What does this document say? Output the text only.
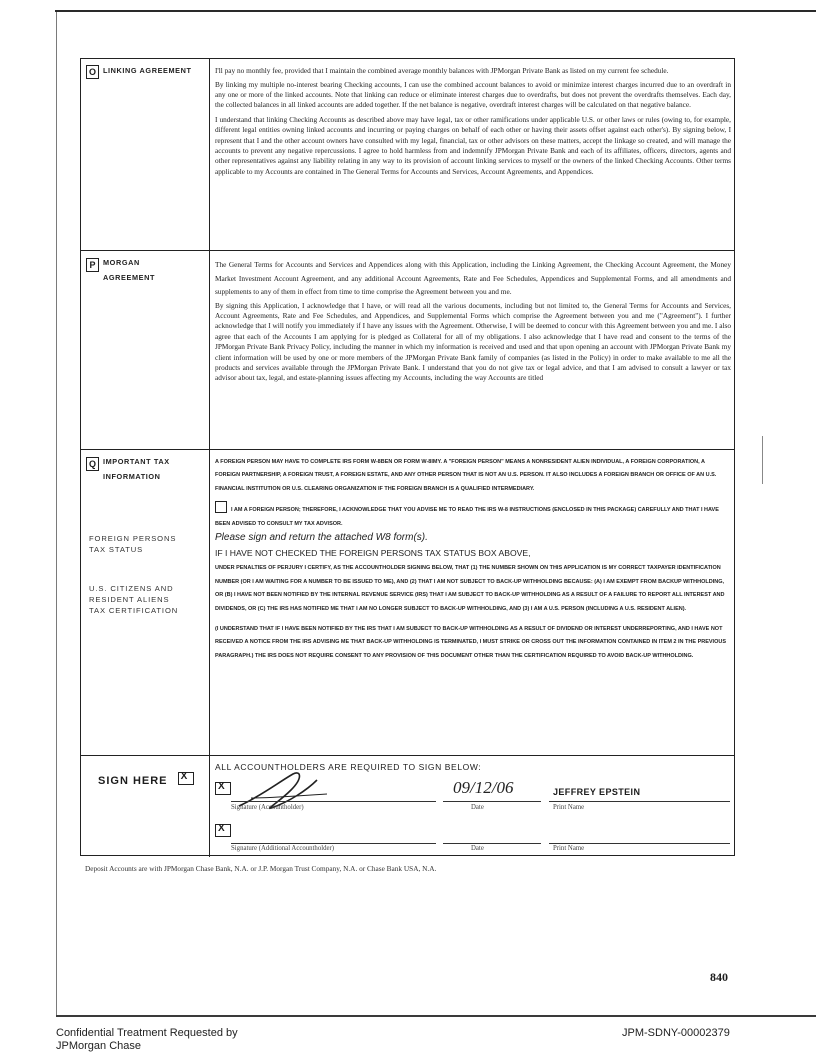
O LINKING AGREEMENT	I'll pay no monthly fee, provided that I maintain the combined average monthly balances with JPMorgan Private Bank as listed on my current fee schedule.

By linking my multiple no-interest bearing Checking accounts, I can use the combined account balances to avoid or minimize interest charges incurred due to an overdraft in any one or more of the linked accounts. Note that linking can reduce or eliminate interest charges due to overdrafts, but does not prevent the overdrafts themselves. Each day, the collected balances in all linked accounts are added together. If the net balance is negative, overdraft interest charges will be calculated on that negative balance.

I understand that linking Checking Accounts as described above may have legal, tax or other ramifications under applicable U.S. or other laws or rules (owing to, for example, different legal entities owning linked accounts and incurring or paying charges on behalf of each other or having their assets offset against each other's). By signing below, I represent that I and the other account owners have consulted with my legal, financial, tax or other advisors on these matters, accept the linkage so created, and will manage the accounts to prevent any negative repercussions. I agree to hold harmless from and indemnify JPMorgan Private Bank and each of its affiliates, officers, directors, agents and other representatives against any liability relating in any way to its provision of account linking services to myself or the owners of the linked Checking Accounts. Other terms applicable to my Accounts are contained in The General Terms for Accounts and Services, Account Agreements, and Appendices.

P	MORGAN
AGREEMENT

The General Terms for Accounts and Services and Appendices along with this Application, including the Linking Agreement, the Checking Account Agreement, the Money Market Investment Account Agreement, and any additional Account Agreements, Rate and Fee Schedules, Appendices and Supplemental Forms, and all amendments and supplements to any of them in effect from time to time comprise the Agreement between you and me.

By signing this Application, I acknowledge that I have, or will read all the various documents, including but not limited to, the General Terms for Accounts and Services, Account Agreements, Rate and Fee Schedules, and Appendices, and Supplemental Forms which comprise the Agreement between you and me ("Agreement"). I further acknowledge that I will notify you immediately if I have any issues with the Agreement. Otherwise, I will be deemed to concur with this Agreement between you and me. I also agree that each of the Accounts I am applying for is pledged as Collateral for all of my obligations. I also acknowledge that I have read and consent to the terms of the JPMorgan Private Bank Privacy Policy, including the manner in which my information is received and used and that upon opening an account with JPMorgan Private Bank my client information will be used by one or more members of the JPMorgan Private Bank family of companies (as listed in the Policy) in order to make available to me all the products and services available through the JPMorgan Private Bank. I understand that you do not give tax or legal advice, and that I am advised to consult a lawyer or tax advisor about tax, legal, and estate-planning issues affecting my Accounts, including the way Accounts are titled

Q IMPORTANT TAX
INFORMATION
FOREIGN PERSONS
TAX STATUS
U.S. CITIZENS AND
RESIDENT ALIENS
TAX CERTIFICATION

A FOREIGN PERSON MAY HAVE TO COMPLETE IRS FORM W-8BEN OR FORM W-8IMY. A "FOREIGN PERSON" MEANS A NONRESIDENT ALIEN INDIVIDUAL, A FOREIGN CORPORATION, A FOREIGN PARTNERSHIP, A FOREIGN TRUST, A FOREIGN ESTATE, AND ANY OTHER PERSON THAT IS NOT AN U.S. PERSON. IT ALSO INCLUDES A FOREIGN BRANCH OR OFFICE OF AN U.S. FINANCIAL INSTITUTION OR U.S. CLEARING ORGANIZATION IF THE FOREIGN BRANCH IS A QUALIFIED INTERMEDIARY.

I AM A FOREIGN PERSON; THEREFORE, I ACKNOWLEDGE THAT YOU ADVISE ME TO READ THE IRS W-8 INSTRUCTIONS (ENCLOSED IN THIS PACKAGE) CAREFULLY AND THAT I HAVE BEEN ADVISED TO CONSULT MY TAX ADVISOR.

Please sign and return the attached W8 form(s).

IF I HAVE NOT CHECKED THE FOREIGN PERSONS TAX STATUS BOX ABOVE,
UNDER PENALTIES OF PERJURY I CERTIFY, AS THE ACCOUNTHOLDER SIGNING BELOW, THAT (1) THE NUMBER SHOWN ON THIS APPLICATION IS MY CORRECT TAXPAYER IDENTIFICATION NUMBER (OR I AM WAITING FOR A NUMBER TO BE ISSUED TO ME), AND (2) THAT I AM NOT SUBJECT TO BACK-UP WITHHOLDING BECAUSE: (A) I AM EXEMPT FROM BACKUP WITHHOLDING, OR (B) I HAVE NOT BEEN NOTIFIED BY THE INTERNAL REVENUE SERVICE (IRS) THAT I AM SUBJECT TO BACK-UP WITHHOLDING AS A RESULT OF A FAILURE TO REPORT ALL INTEREST AND DIVIDENDS, OR (C) THE IRS HAS NOTIFIED ME THAT I AM NO LONGER SUBJECT TO BACK-UP WITHHOLDING, AND (3) I AM A U.S. PERSON (INCLUDING A U.S. RESIDENT ALIEN).

(I UNDERSTAND THAT IF I HAVE BEEN NOTIFIED BY THE IRS THAT I AM SUBJECT TO BACK-UP WITHHOLDING AS A RESULT OF DIVIDEND OR INTEREST UNDERREPORTING, AND I HAVE NOT RECEIVED A NOTICE FROM THE IRS ADVISING ME THAT BACK-UP WITHHOLDING IS TERMINATED, I MUST STRIKE OR CROSS OUT THE INFORMATION CONTAINED IN ITEM 2 IN THE PREVIOUS PARAGRAPH.) THE IRS DOES NOT REQUIRE CONSENT TO ANY PROVISION OF THIS DOCUMENT OTHER THAN THE CERTIFICATION REQUIRED TO AVOID BACK-UP WITHHOLDING.

SIGN HERE X
ALL ACCOUNTHOLDERS ARE REQUIRED TO SIGN BELOW:
X	09/12/06	JEFFREY EPSTEIN
Signature (Accountholder)	Date	Print Name
X
Signature (Additional Accountholder)	Date	Print Name
Deposit Accounts are with JPMorgan Chase Bank, N.A. or J.P. Morgan Trust Company, N.A. or Chase Bank USA, N.A.
840
Confidential Treatment Requested by
JPMorgan Chase
JPM-SDNY-00002379
